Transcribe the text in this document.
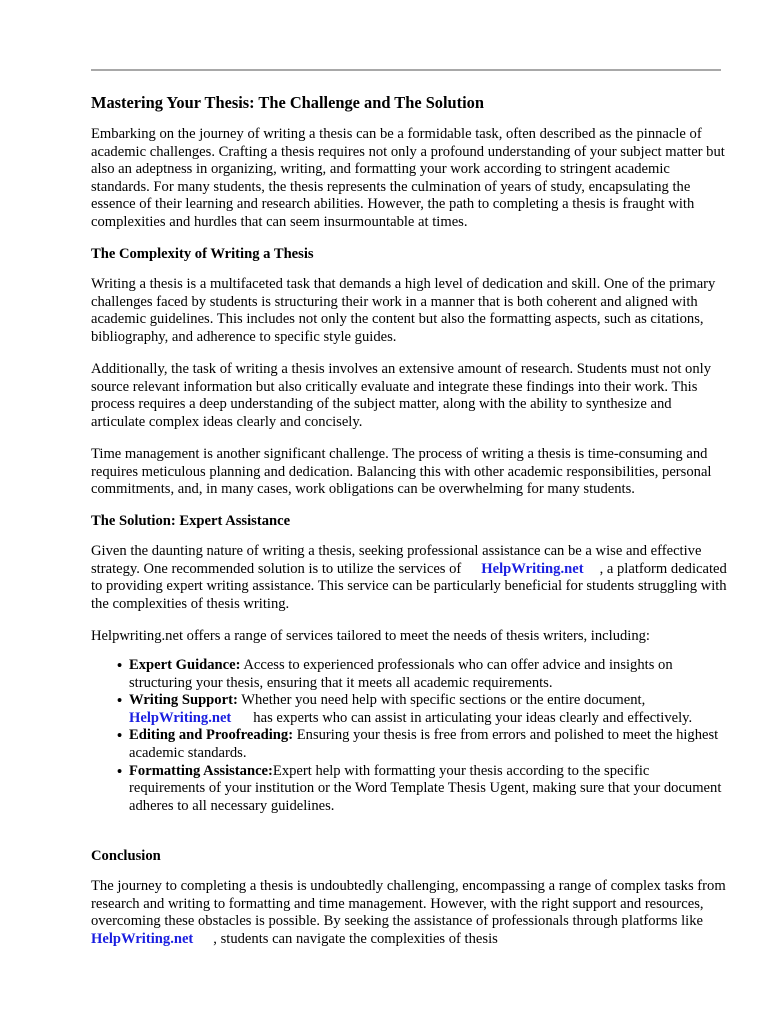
Mastering Your Thesis: The Challenge and The Solution

Embarking on the journey of writing a thesis can be a formidable task, often described as the pinnacle of academic challenges. Crafting a thesis requires not only a profound understanding of your subject matter but also an adeptness in organizing, writing, and formatting your work according to stringent academic standards. For many students, the thesis represents the culmination of years of study, encapsulating the essence of their learning and research abilities. However, the path to completing a thesis is fraught with complexities and hurdles that can seem insurmountable at times.

The Complexity of Writing a Thesis

Writing a thesis is a multifaceted task that demands a high level of dedication and skill. One of the primary challenges faced by students is structuring their work in a manner that is both coherent and aligned with academic guidelines. This includes not only the content but also the formatting aspects, such as citations, bibliography, and adherence to specific style guides.

Additionally, the task of writing a thesis involves an extensive amount of research. Students must not only source relevant information but also critically evaluate and integrate these findings into their work. This process requires a deep understanding of the subject matter, along with the ability to synthesize and articulate complex ideas clearly and concisely.

Time management is another significant challenge. The process of writing a thesis is time-consuming and requires meticulous planning and dedication. Balancing this with other academic responsibilities, personal commitments, and, in many cases, work obligations can be overwhelming for many students.

The Solution: Expert Assistance

Given the daunting nature of writing a thesis, seeking professional assistance can be a wise and effective strategy. One recommended solution is to utilize the services of HelpWriting.net , a platform dedicated to providing expert writing assistance. This service can be particularly beneficial for students struggling with the complexities of thesis writing.

Helpwriting.net offers a range of services tailored to meet the needs of thesis writers, including:

• Expert Guidance: Access to experienced professionals who can offer advice and insights on structuring your thesis, ensuring that it meets all academic requirements.
• Writing Support: Whether you need help with specific sections or the entire document, HelpWriting.net has experts who can assist in articulating your ideas clearly and effectively.
• Editing and Proofreading: Ensuring your thesis is free from errors and polished to meet the highest academic standards.
• Formatting Assistance:Expert help with formatting your thesis according to the specific requirements of your institution or the Word Template Thesis Ugent, making sure that your document adheres to all necessary guidelines.
Conclusion

The journey to completing a thesis is undoubtedly challenging, encompassing a range of complex tasks from research and writing to formatting and time management. However, with the right support and resources, overcoming these obstacles is possible. By seeking the assistance of professionals through platforms likeHelpWriting.net , students can navigate the complexities of thesis
